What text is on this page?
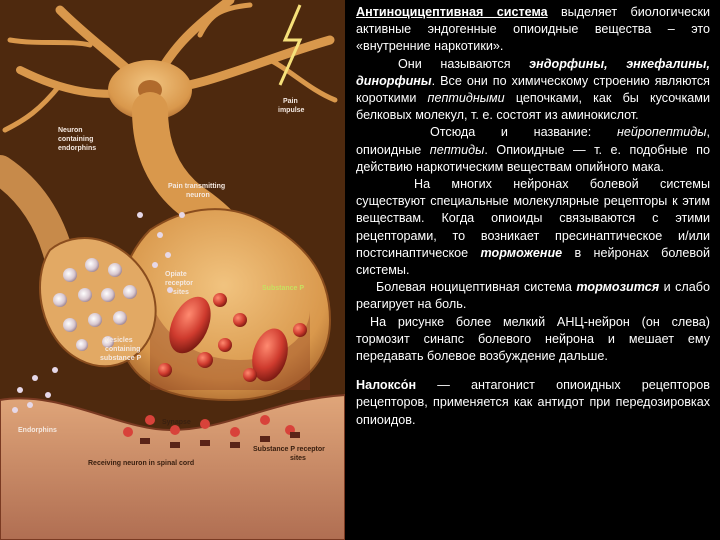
Pain
impulse
Neuron
containing
endorphins
Pain transmitting
neuron
Opiate
receptor
sites
Vesicles
containing
substance P
Substance P
Endorphins
Synapse
Substance P receptor
sites
Receiving neuron in spinal cord

Антиноцицептивная система выделяет биологически активные эндогенные опиоидные вещества – это «внутренние наркотики».

Они называются эндорфины, энкефалины, динорфины. Все они по химическому строению являются короткими пептидными цепочками, как бы кусочками белковых молекул, т. е. состоят из аминокислот.

Отсюда и название: нейропептиды, опиоидные пептиды. Опиоидные — т. е. подобные по действию наркотическим веществам опийного мака.

На многих нейронах болевой системы существуют специальные молекулярные рецепторы к этим веществам. Когда опиоиды связываются с этими рецепторами, то возникает пресинаптическое и/или постсинаптическое торможение в нейронах болевой системы.

Болевая ноцицептивная система тормозится и слабо реагирует на боль.

На рисунке более мелкий АНЦ-нейрон (он слева) тормозит синапс болевого нейрона и мешает ему передавать болевое возбуждение дальше.

Налоксо́н — антагонист опиоидных рецепторов рецепторов, применяется как антидот при передозировках опиоидов.
